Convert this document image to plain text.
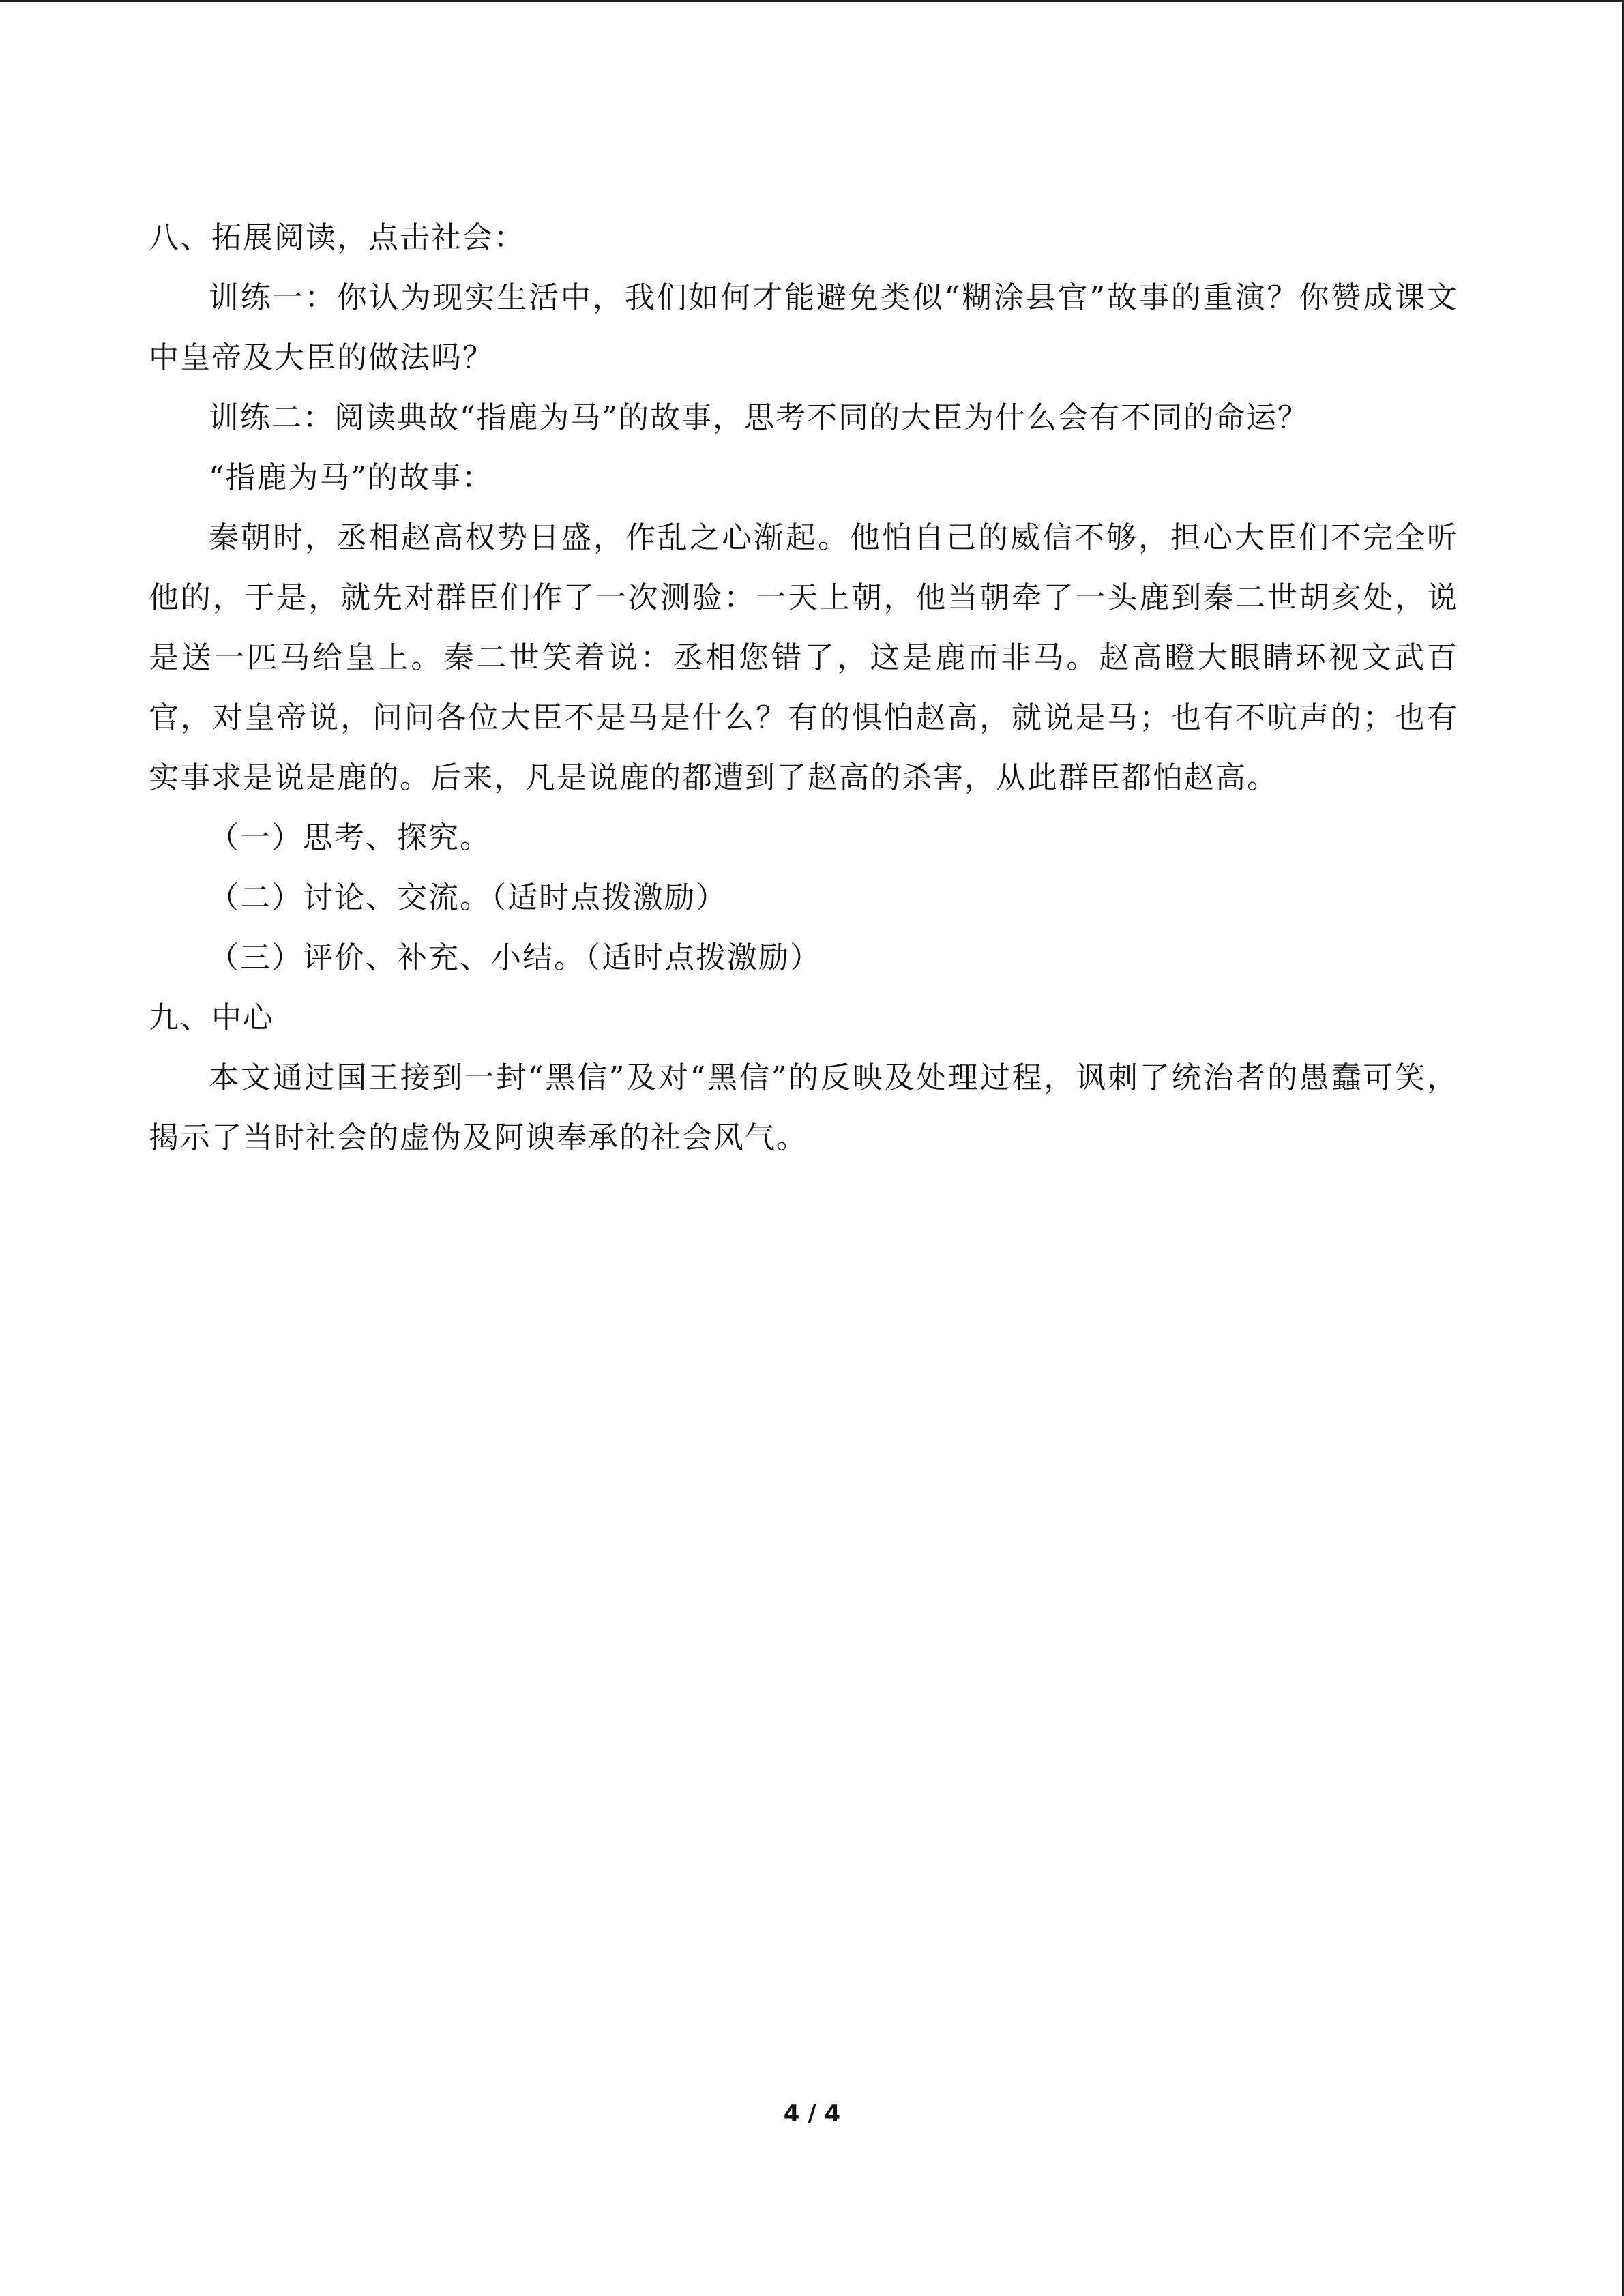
八、拓展阅读，点击社会：

训练一：你认为现实生活中，我们如何才能避免类似“糊涂县官”故事的重演？你赞成课文中皇帝及大臣的做法吗？

训练二：阅读典故“指鹿为马”的故事，思考不同的大臣为什么会有不同的命运？

“指鹿为马”的故事：

秦朝时，丞相赵高权势日盛，作乱之心渐起。他怕自己的威信不够，担心大臣们不完全听他的，于是，就先对群臣们作了一次测验：一天上朝，他当朝牵了一头鹿到秦二世胡亥处，说是送一匹马给皇上。秦二世笑着说：丞相您错了，这是鹿而非马。赵高瞪大眼睛环视文武百官，对皇帝说，问问各位大臣不是马是什么？有的惧怕赵高，就说是马；也有不吭声的；也有实事求是说是鹿的。后来，凡是说鹿的都遭到了赵高的杀害，从此群臣都怕赵高。

（一）思考、探究。

（二）讨论、交流。（适时点拨激励）

（三）评价、补充、小结。（适时点拨激励）

九、中心

本文通过国王接到一封“黑信”及对“黑信”的反映及处理过程，讽刺了统治者的愚蠢可笑，揭示了当时社会的虚伪及阿谀奉承的社会风气。

4 / 4
